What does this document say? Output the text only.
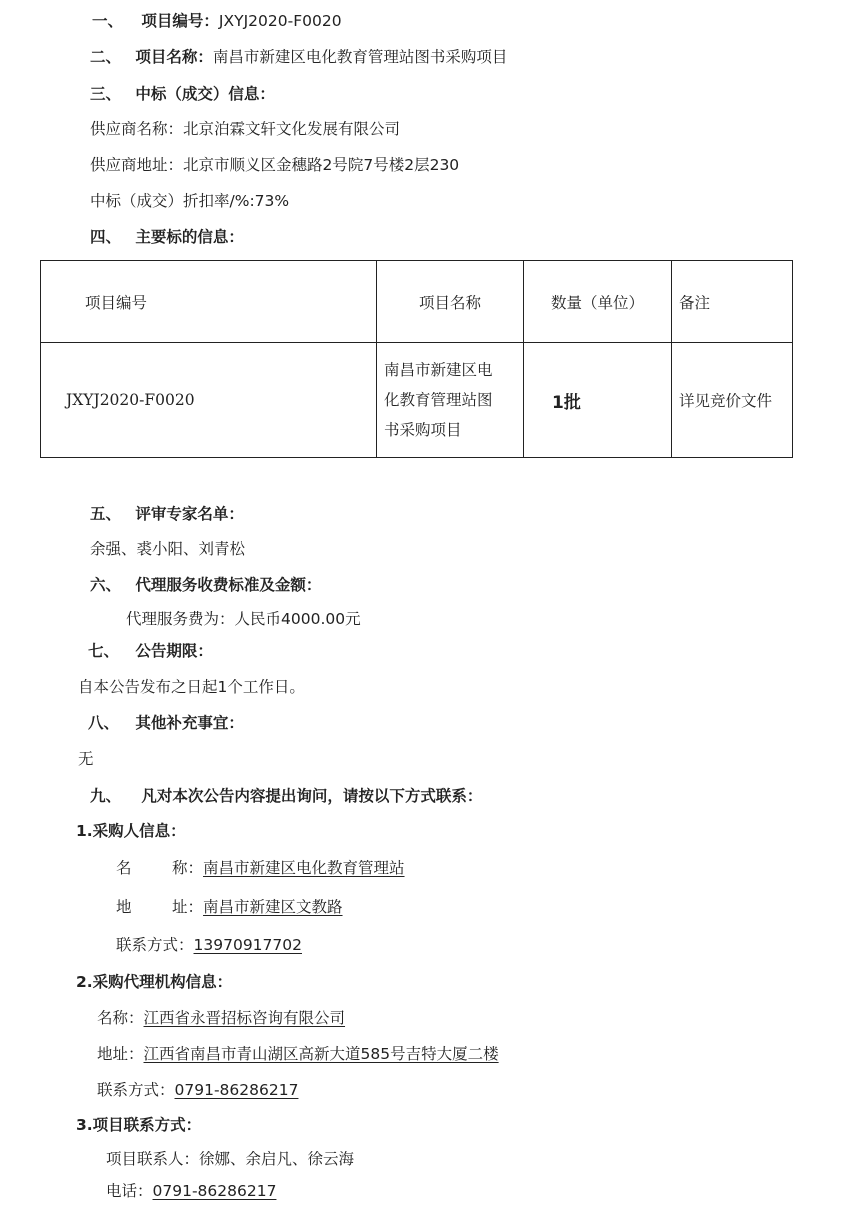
一、 项目编号：JXYJ2020-F0020
二、 项目名称：南昌市新建区电化教育管理站图书采购项目
三、 中标（成交）信息：
供应商名称：北京泊霖文轩文化发展有限公司
供应商地址：北京市顺义区金穗路2号院7号楼2层230
中标（成交）折扣率/%:73%
四、 主要标的信息：
项目编号	项目名称	数量（单位）	备注
JXYJ2020-F0020	南昌市新建区电
化教育管理站图
书采购项目	1批	详见竞价文件
五、 评审专家名单：
余强、裘小阳、刘青松
六、 代理服务收费标准及金额：
代理服务费为：人民币4000.00元
七、 公告期限：
自本公告发布之日起1个工作日。
八、 其他补充事宜：
无
九、 凡对本次公告内容提出询问，请按以下方式联系：
1.采购人信息：
名	称：南昌市新建区电化教育管理站
地	址：南昌市新建区文教路
联系方式：13970917702
2.采购代理机构信息：
名称：江西省永晋招标咨询有限公司
地址：江西省南昌市青山湖区高新大道585号吉特大厦二楼
联系方式：0791-86286217
3.项目联系方式：
项目联系人：徐娜、余启凡、徐云海
电话：0791-86286217
